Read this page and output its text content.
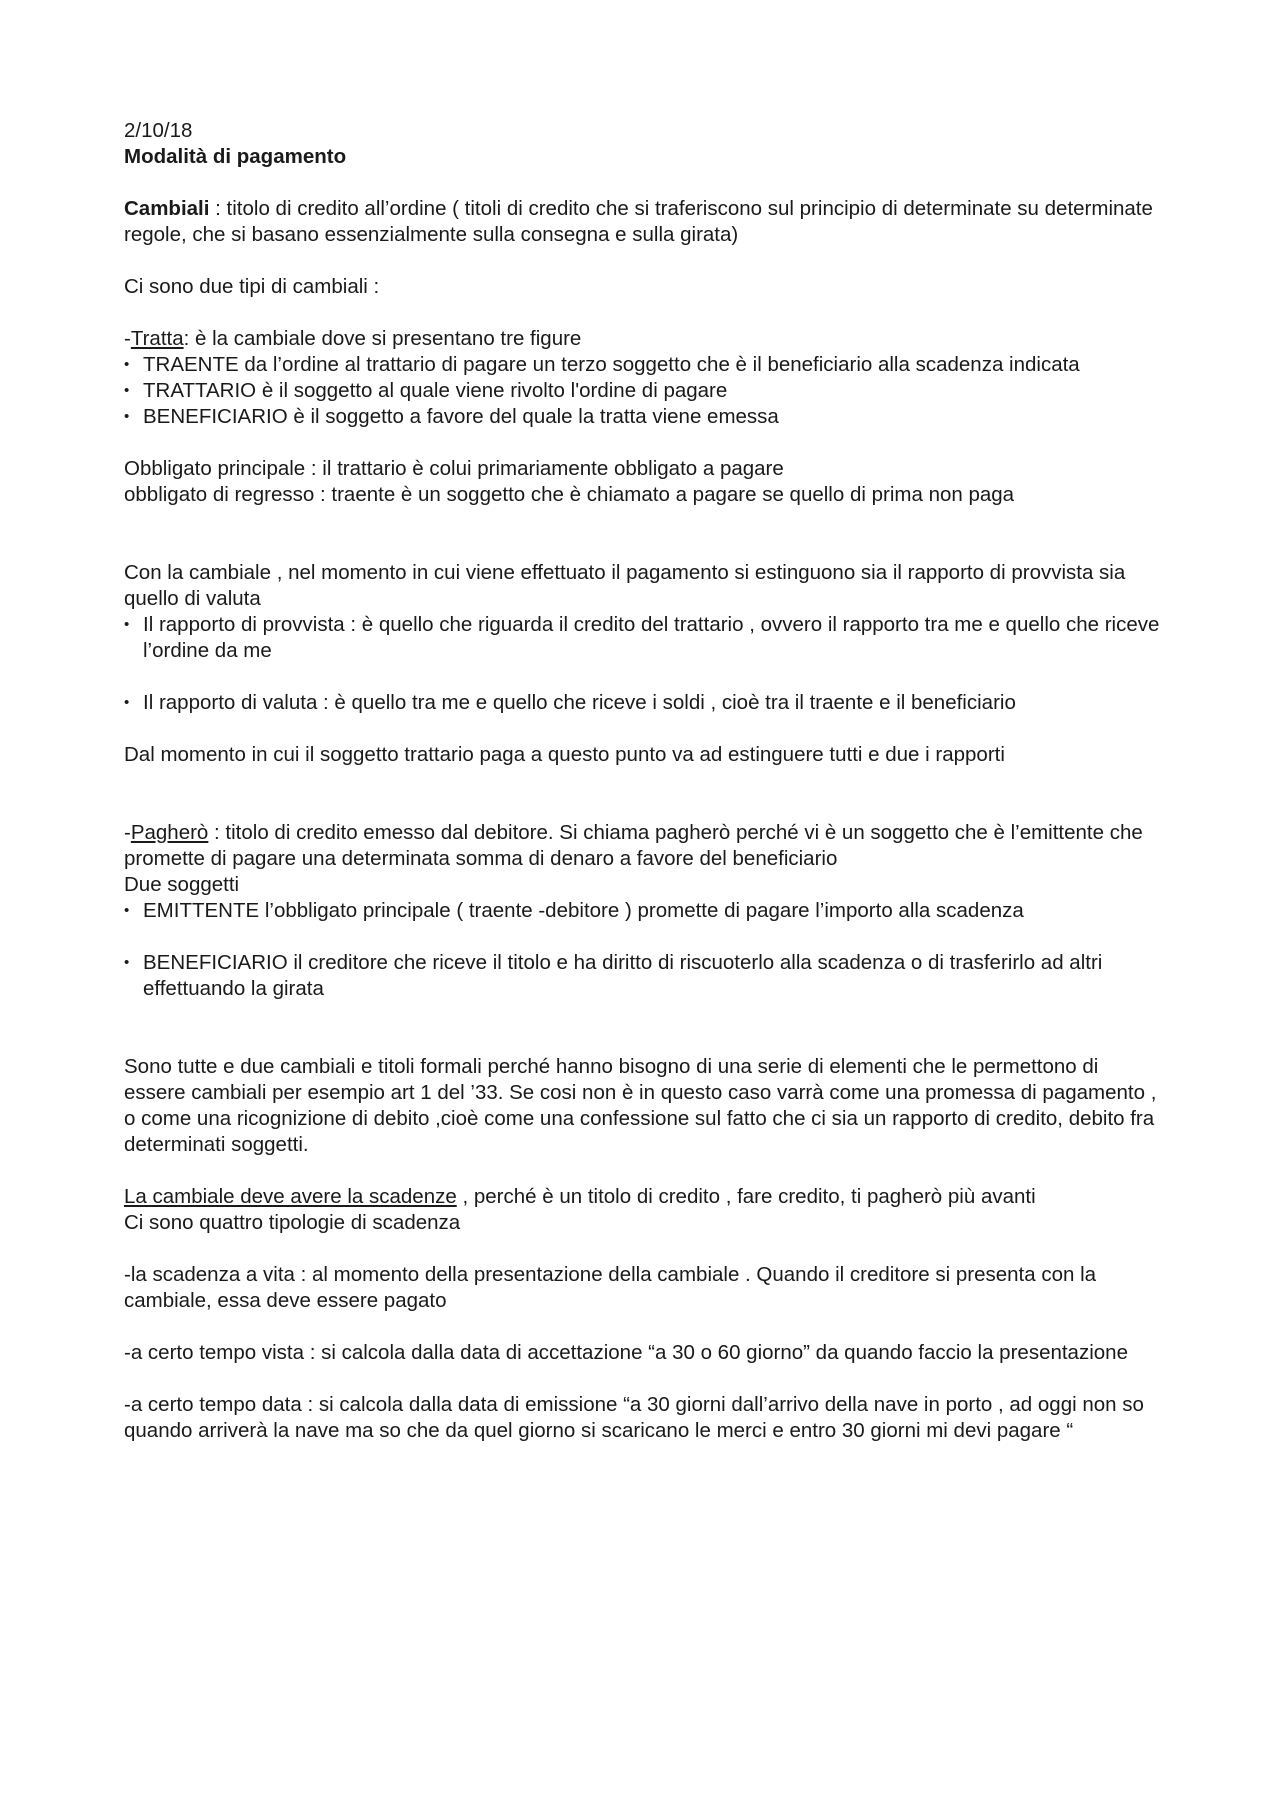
2/10/18

Modalità di pagamento

Cambiali : titolo di credito all’ordine ( titoli di credito che si traferiscono sul principio di determinate su determinate regole, che si basano essenzialmente sulla consegna e sulla girata)

Ci sono due tipi di cambiali :

-Tratta: è la cambiale dove si presentano tre figure

• TRAENTE da l’ordine al trattario di pagare un terzo soggetto che è il beneficiario alla scadenza indicata
• TRATTARIO è il soggetto al quale viene rivolto l'ordine di pagare
• BENEFICIARIO è il soggetto a favore del quale la tratta viene emessa

Obbligato principale : il trattario è colui primariamente obbligato a pagare

obbligato di regresso : traente è un soggetto che è chiamato a pagare se quello di prima non paga

Con la cambiale , nel momento in cui viene effettuato il pagamento si estinguono sia il rapporto di provvista sia quello di valuta

• Il rapporto di provvista : è quello che riguarda il credito del trattario , ovvero il rapporto tra me e quello che riceve l’ordine da me
• Il rapporto di valuta : è quello tra me e quello che riceve i soldi , cioè tra il traente e il beneficiario

Dal momento in cui il soggetto trattario paga a questo punto va ad estinguere tutti e due i rapporti

-Pagherò : titolo di credito emesso dal debitore. Si chiama pagherò perché vi è un soggetto che è l’emittente che promette di pagare una determinata somma di denaro a favore del beneficiario

Due soggetti

• EMITTENTE l’obbligato principale ( traente -debitore ) promette di pagare l’importo alla scadenza
• BENEFICIARIO il creditore che riceve il titolo e ha diritto di riscuoterlo alla scadenza o di trasferirlo ad altri effettuando la girata

Sono tutte e due cambiali e titoli formali perché hanno bisogno di una serie di elementi che le permettono di essere cambiali per esempio art 1 del ’33. Se cosi non è in questo caso varrà come una promessa di pagamento , o come una ricognizione di debito ,cioè come una confessione sul fatto che ci sia un rapporto di credito, debito fra determinati soggetti.

La cambiale deve avere la scadenze , perché è un titolo di credito , fare credito, ti pagherò più avanti

Ci sono quattro tipologie di scadenza

-la scadenza a vita : al momento della presentazione della cambiale . Quando il creditore si presenta con la cambiale, essa deve essere pagato

-a certo tempo vista : si calcola dalla data di accettazione “a 30 o 60 giorno” da quando faccio la presentazione

-a certo tempo data : si calcola dalla data di emissione “a 30 giorni dall’arrivo della nave in porto , ad oggi non so quando arriverà la nave ma so che da quel giorno si scaricano le merci e entro 30 giorni mi devi pagare “
